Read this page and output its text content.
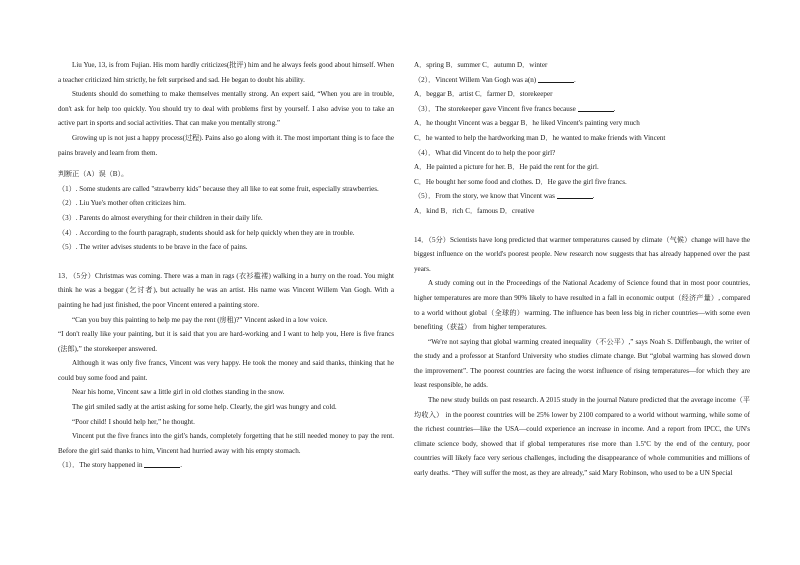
Liu Yue, 13, is from Fujian. His mom hardly criticizes(批评) him and he always feels good about himself. When a teacher criticized him strictly, he felt surprised and sad. He began to doubt his ability.

Students should do something to make themselves mentally strong. An expert said, “When you are in trouble, don't ask for help too quickly. You should try to deal with problems first by yourself. I also advise you to take an active part in sports and social activities. That can make you mentally strong.”

Growing up is not just a happy process(过程). Pains also go along with it. The most important thing is to face the pains bravely and learn from them.

判断正（A）误（B）。

（1）. Some students are called "strawberry kids" because they all like to eat some fruit, especially strawberries.

（2）. Liu Yue's mother often criticizes him.

（3）. Parents do almost everything for their children in their daily life.

（4）. According to the fourth paragraph, students should ask for help quickly when they are in trouble.

（5）. The writer advises students to be brave in the face of pains.

13．（5分）Christmas was coming. There was a man in rags (衣衫褴褛) walking in a hurry on the road. You might think he was a beggar (乞讨者), but actually he was an artist. His name was Vincent Willem Van Gogh. With a painting he had just finished, the poor Vincent entered a painting store.

“Can you buy this painting to help me pay the rent (房租)?” Vincent asked in a low voice.

“I don't really like your painting, but it is said that you are hard-working and I want to help you, Here is five francs (法郎),” the storekeeper answered.

Although it was only five francs, Vincent was very happy. He took the money and said thanks, thinking that he could buy some food and paint.

Near his home, Vincent saw a little girl in old clothes standing in the snow.

The girl smiled sadly at the artist asking for some help. Clearly, the girl was hungry and cold.

“Poor child! I should help her,” he thought.

Vincent put the five francs into the girl's hands, completely forgetting that he still needed money to pay the rent. Before the girl said thanks to him, Vincent had hurried away with his empty stomach.

（1）．The story happened in	.

A．spring B．summer C．autumn D．winter

（2）．Vincent Willem Van Gogh was a(n)	.

A．beggar B．artist C．farmer D．storekeeper

（3）．The storekeeper gave Vincent five francs because	.

A．he thought Vincent was a beggar B．he liked Vincent's painting very much

C．he wanted to help the hardworking man D．he wanted to make friends with Vincent

（4）．What did Vincent do to help the poor girl?

A．He painted a picture for her. B．He paid the rent for the girl.

C．He bought her some food and clothes. D．He gave the girl five francs.

（5）．From the story, we know that Vincent was	.

A．kind B．rich C．famous D．creative

14．（5分）Scientists have long predicted that warmer temperatures caused by climate（气候）change will have the biggest influence on the world's poorest people. New research now suggests that has already happened over the past years.

A study coming out in the Proceedings of the National Academy of Science found that in most poor countries, higher temperatures are more than 90% likely to have resulted in a fall in economic output（经济产量）, compared to a world without global（全球的）warming. The influence has been less big in richer countries—with some even benefiting（获益） from higher temperatures.

“We're not saying that global warming created inequality（不公平）,” says Noah S. Diffenbaugh, the writer of the study and a professor at Stanford University who studies climate change. But “global warming has slowed down the improvement”. The poorest countries are facing the worst influence of rising temperatures—for which they are least responsible, he adds.

The new study builds on past research. A 2015 study in the journal Nature predicted that the average income（平均收入） in the poorest countries will be 25% lower by 2100 compared to a world without warming, while some of the richest countries—like the USA—could experience an increase in income. And a report from IPCC, the UN's climate science body, showed that if global temperatures rise more than 1.5ºC by the end of the century, poor countries will likely face very serious challenges, including the disappearance of whole communities and millions of early deaths. “They will suffer the most, as they are already,” said Mary Robinson, who used to be a UN Special
